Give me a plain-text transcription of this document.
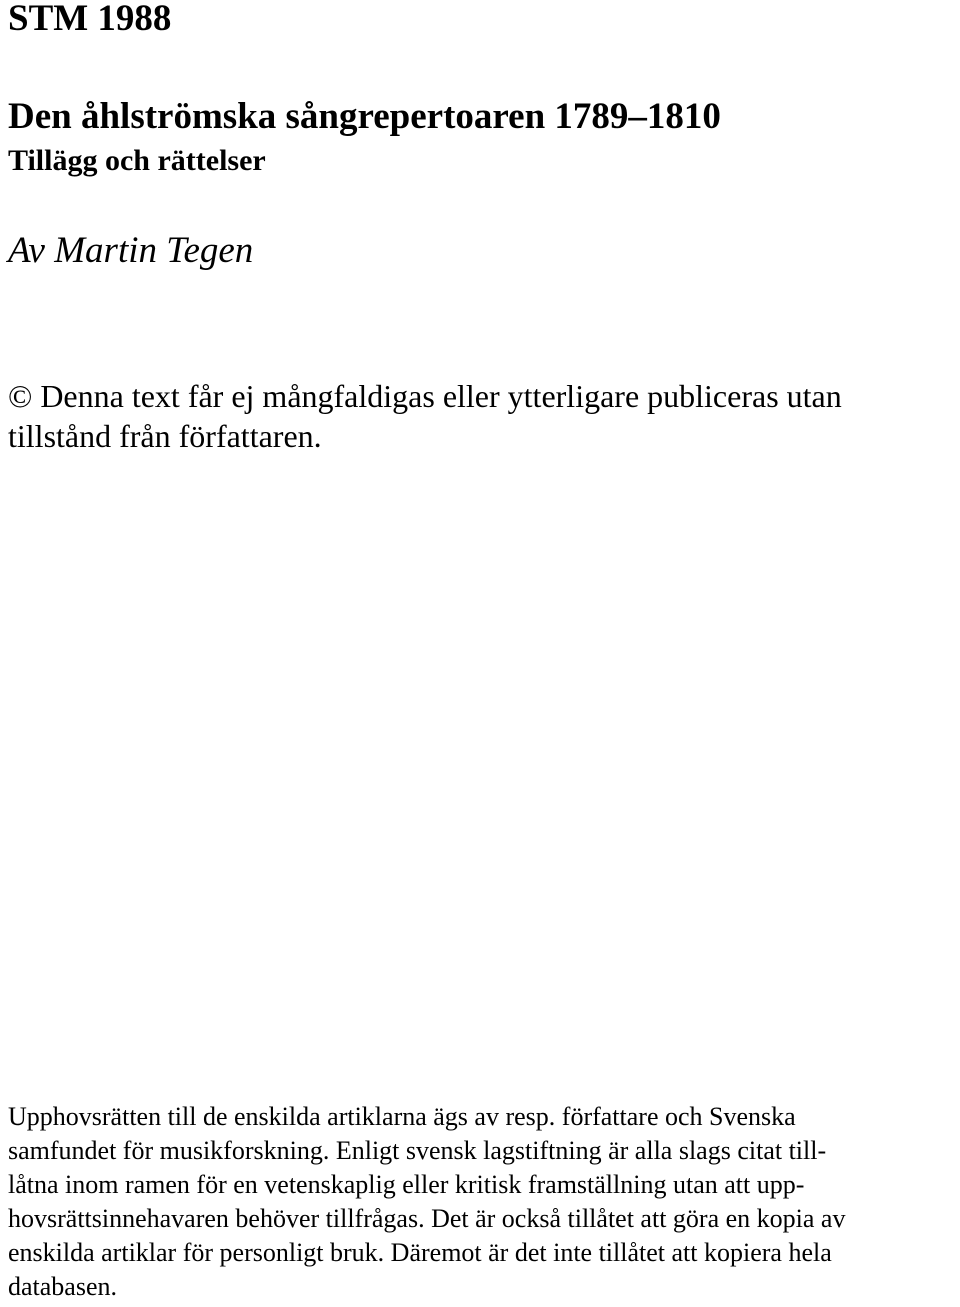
STM 1988
Den åhlströmska sångrepertoaren 1789–1810
Tillägg och rättelser
Av Martin Tegen

© Denna text får ej mångfaldigas eller ytterligare publiceras utan
tillstånd från författaren.

Upphovsrätten till de enskilda artiklarna ägs av resp. författare och Svenska
samfundet för musikforskning. Enligt svensk lagstiftning är alla slags citat till-
låtna inom ramen för en vetenskaplig eller kritisk framställning utan att upp-
hovsrättsinnehavaren behöver tillfrågas. Det är också tillåtet att göra en kopia av
enskilda artiklar för personligt bruk. Däremot är det inte tillåtet att kopiera hela
databasen.
